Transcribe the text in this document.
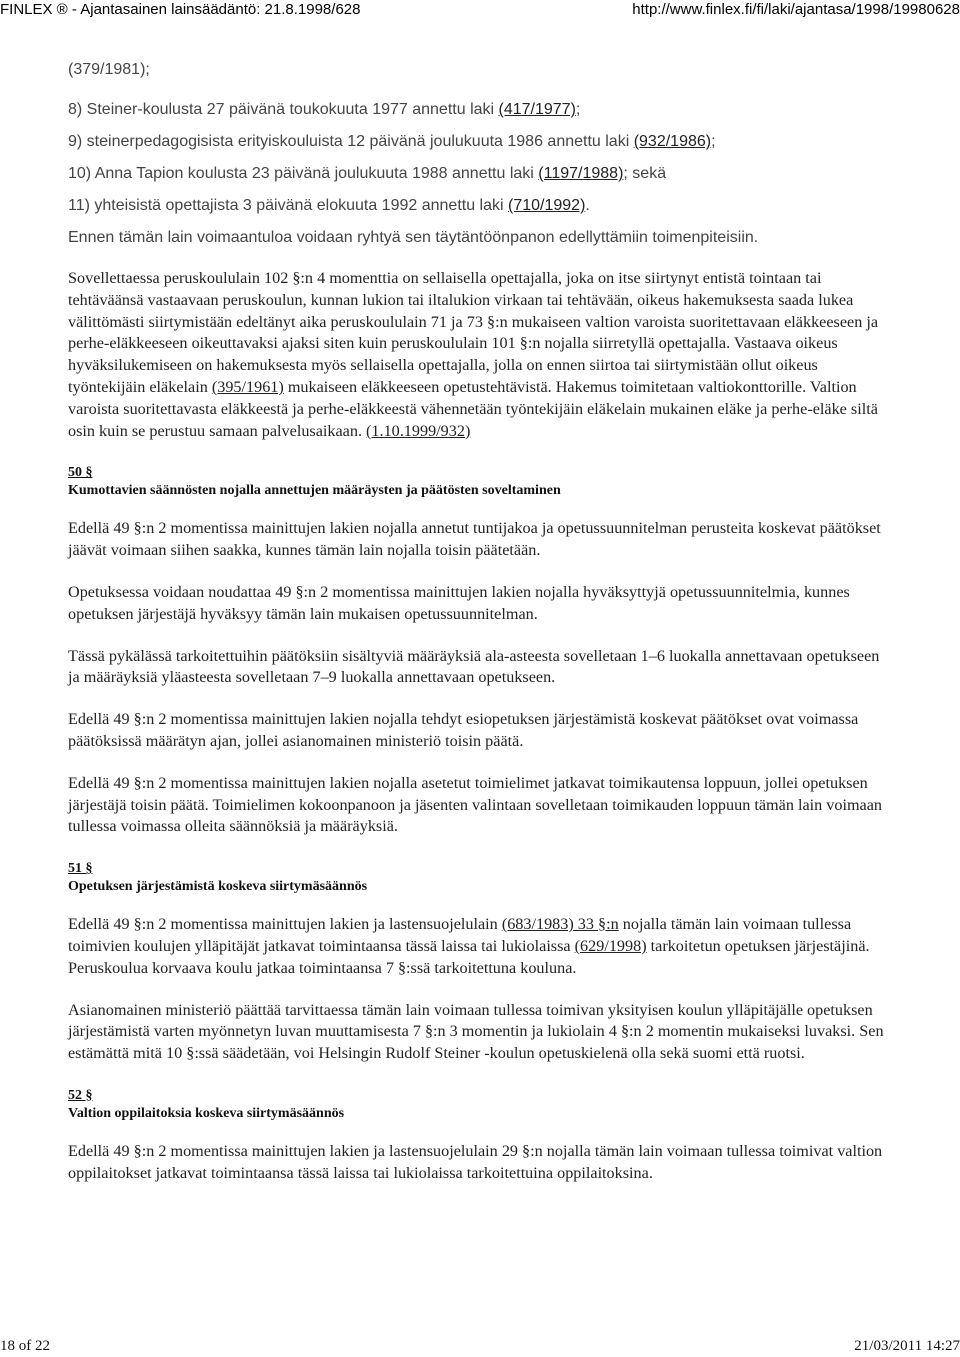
FINLEX ® - Ajantasainen lainsäädäntö: 21.8.1998/628	http://www.finlex.fi/fi/laki/ajantasa/1998/19980628
(379/1981);
8) Steiner-koulusta 27 päivänä toukokuuta 1977 annettu laki (417/1977);
9) steinerpedagogisista erityiskouluista 12 päivänä joulukuuta 1986 annettu laki (932/1986);
10) Anna Tapion koulusta 23 päivänä joulukuuta 1988 annettu laki (1197/1988); sekä
11) yhteisistä opettajista 3 päivänä elokuuta 1992 annettu laki (710/1992).
Ennen tämän lain voimaantuloa voidaan ryhtyä sen täytäntöönpanon edellyttämiin toimenpiteisiin.

Sovellettaessa peruskoululain 102 §:n 4 momenttia on sellaisella opettajalla, joka on itse siirtynyt entistä tointaan tai tehtäväänsä vastaavaan peruskoulun, kunnan lukion tai iltalukion virkaan tai tehtävään, oikeus hakemuksesta saada lukea välittömästi siirtymistään edeltänyt aika peruskoululain 71 ja 73 §:n mukaiseen valtion varoista suoritettavaan eläkkeeseen ja perhe-eläkkeeseen oikeuttavaksi ajaksi siten kuin peruskoululain 101 §:n nojalla siirretyllä opettajalla. Vastaava oikeus hyväksilukemiseen on hakemuksesta myös sellaisella opettajalla, jolla on ennen siirtoa tai siirtymistään ollut oikeus työntekijäin eläkelain (395/1961) mukaiseen eläkkeeseen opetustehtävistä. Hakemus toimitetaan valtiokonttorille. Valtion varoista suoritettavasta eläkkeestä ja perhe-eläkkeestä vähennetään työntekijäin eläkelain mukainen eläke ja perhe-eläke siltä osin kuin se perustuu samaan palvelusaikaan. (1.10.1999/932)

50 §
Kumottavien säännösten nojalla annettujen määräysten ja päätösten soveltaminen

Edellä 49 §:n 2 momentissa mainittujen lakien nojalla annetut tuntijakoa ja opetussuunnitelman perusteita koskevat päätökset jäävät voimaan siihen saakka, kunnes tämän lain nojalla toisin päätetään.

Opetuksessa voidaan noudattaa 49 §:n 2 momentissa mainittujen lakien nojalla hyväksyttyjä opetussuunnitelmia, kunnes opetuksen järjestäjä hyväksyy tämän lain mukaisen opetussuunnitelman.

Tässä pykälässä tarkoitettuihin päätöksiin sisältyviä määräyksiä ala-asteesta sovelletaan 1–6 luokalla annettavaan opetukseen ja määräyksiä yläasteesta sovelletaan 7–9 luokalla annettavaan opetukseen.

Edellä 49 §:n 2 momentissa mainittujen lakien nojalla tehdyt esiopetuksen järjestämistä koskevat päätökset ovat voimassa päätöksissä määrätyn ajan, jollei asianomainen ministeriö toisin päätä.

Edellä 49 §:n 2 momentissa mainittujen lakien nojalla asetetut toimielimet jatkavat toimikautensa loppuun, jollei opetuksen järjestäjä toisin päätä. Toimielimen kokoonpanoon ja jäsenten valintaan sovelletaan toimikauden loppuun tämän lain voimaan tullessa voimassa olleita säännöksiä ja määräyksiä.

51 §
Opetuksen järjestämistä koskeva siirtymäsäännös

Edellä 49 §:n 2 momentissa mainittujen lakien ja lastensuojelulain (683/1983) 33 §:n nojalla tämän lain voimaan tullessa toimivien koulujen ylläpitäjät jatkavat toimintaansa tässä laissa tai lukiolaissa (629/1998) tarkoitetun opetuksen järjestäjinä. Peruskoulua korvaava koulu jatkaa toimintaansa 7 §:ssä tarkoitettuna kouluna.

Asianomainen ministeriö päättää tarvittaessa tämän lain voimaan tullessa toimivan yksityisen koulun ylläpitäjälle opetuksen järjestämistä varten myönnetyn luvan muuttamisesta 7 §:n 3 momentin ja lukiolain 4 §:n 2 momentin mukaiseksi luvaksi. Sen estämättä mitä 10 §:ssä säädetään, voi Helsingin Rudolf Steiner -koulun opetuskielenä olla sekä suomi että ruotsi.

52 §
Valtion oppilaitoksia koskeva siirtymäsäännös

Edellä 49 §:n 2 momentissa mainittujen lakien ja lastensuojelulain 29 §:n nojalla tämän lain voimaan tullessa toimivat valtion oppilaitokset jatkavat toimintaansa tässä laissa tai lukiolaissa tarkoitettuina oppilaitoksina.

18 of 22	21/03/2011 14:27
